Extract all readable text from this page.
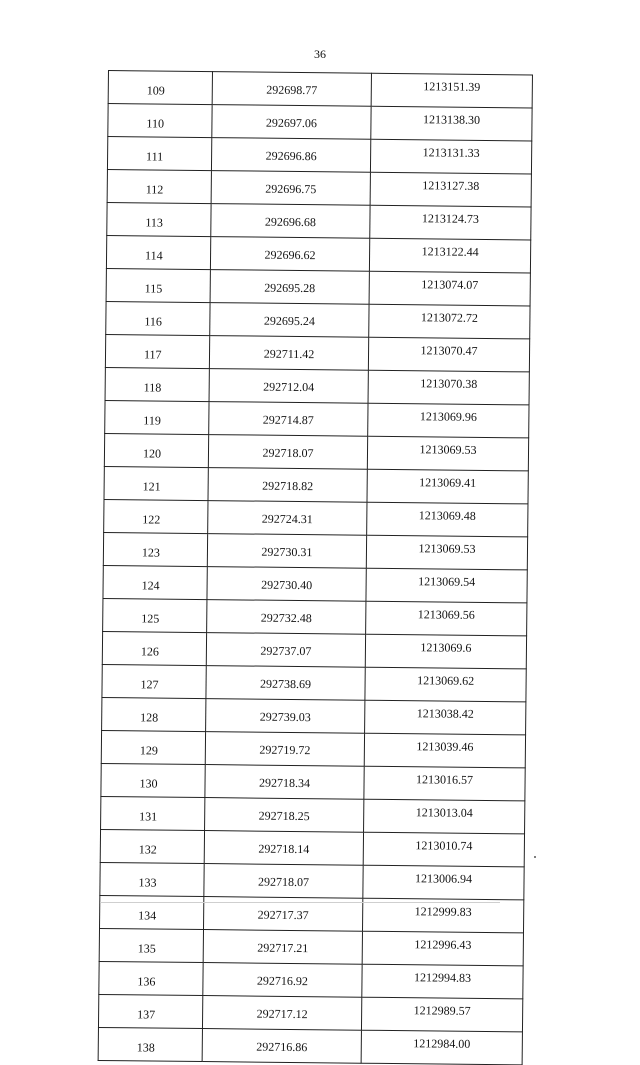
36
109	292698.77	1213151.39
110	292697.06	1213138.30
111	292696.86	1213131.33
112	292696.75	1213127.38
113	292696.68	1213124.73
114	292696.62	1213122.44
115	292695.28	1213074.07
116	292695.24	1213072.72
117	292711.42	1213070.47
118	292712.04	1213070.38
119	292714.87	1213069.96
120	292718.07	1213069.53
121	292718.82	1213069.41
122	292724.31	1213069.48
123	292730.31	1213069.53
124	292730.40	1213069.54
125	292732.48	1213069.56
126	292737.07	1213069.6
127	292738.69	1213069.62
128	292739.03	1213038.42
129	292719.72	1213039.46
130	292718.34	1213016.57
131	292718.25	1213013.04
132	292718.14	1213010.74
133	292718.07	1213006.94
134	292717.37	1212999.83
135	292717.21	1212996.43
136	292716.92	1212994.83
137	292717.12	1212989.57
138	292716.86	1212984.00
